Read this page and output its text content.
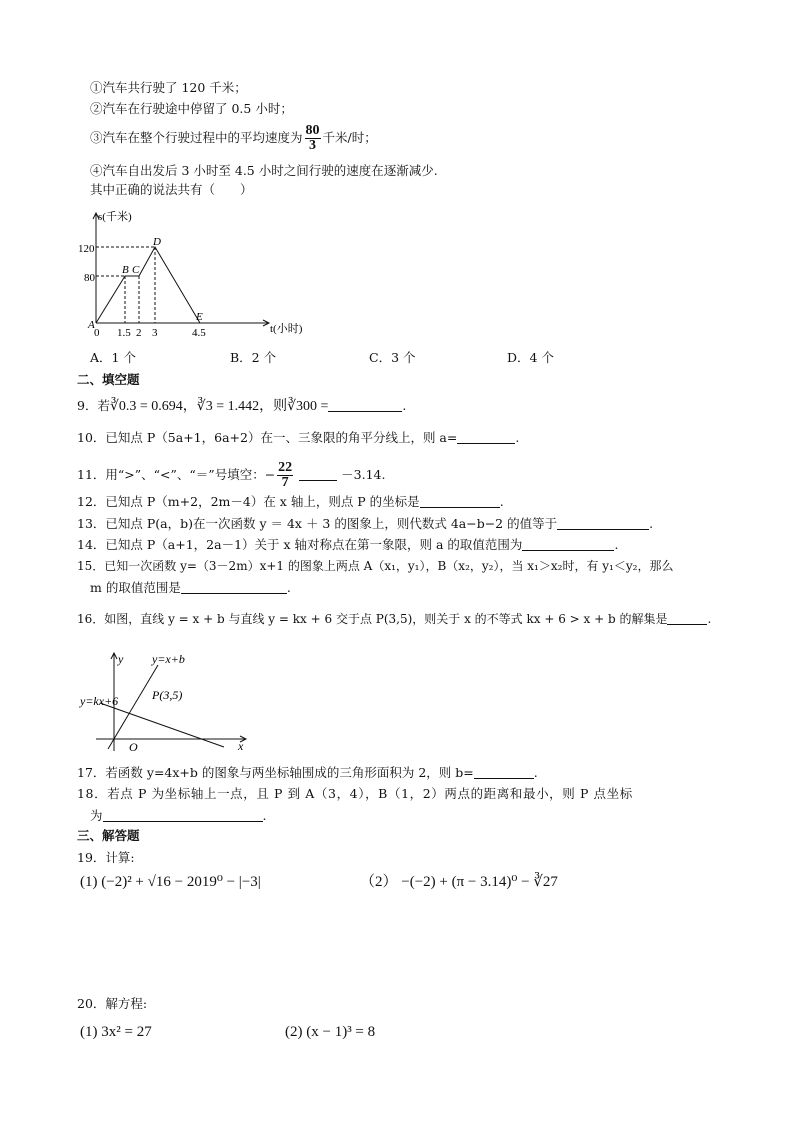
①汽车共行驶了 120 千米；
②汽车在行驶途中停留了 0.5 小时；
③汽车在整个行驶过程中的平均速度为 $\frac{80}{3}$ 千米/时；
④汽车自出发后 3 小时至 4.5 小时之间行驶的速度在逐渐减少.
其中正确的说法共有（　　）
s(千米)
t(小时)
120
80
A
B C
D
E
0 1.5 2 3	4.5
A．1 个	B．2 个	C．3 个	D．4 个
二、填空题
9．若∛0.3 = 0.694，∛3 = 1.442，则∛300 =	.
10．已知点 P（5a+1，6a+2）在一、三象限的角平分线上，则 a=	.
11．用“>”、“<”、“＝”号填空：− $\frac{22}{7}$	－3.14.
12．已知点 P（m+2，2m－4）在 x 轴上，则点 P 的坐标是	.
13．已知点 P(a，b)在一次函数 y ＝ 4x ＋ 3 的图象上，则代数式 4a−b−2 的值等于	.
14．已知点 P（a+1，2a－1）关于 x 轴对称点在第一象限，则 a 的取值范围为	.
15．已知一次函数 y=（3－2m）x+1 的图象上两点 A（x₁，y₁），B（x₂，y₂），当 x₁＞x₂时，有 y₁＜y₂，那么
m 的取值范围是	.
16．如图，直线 y = x + b 与直线 y = kx + 6 交于点 P(3,5)，则关于 x 的不等式 kx + 6 > x + b 的解集是	.
y
x
O
y=x+b
y=kx+6	P(3,5)
17．若函数 y=4x+b 的图象与两坐标轴围成的三角形面积为 2，则 b=	.
18．若点 P 为坐标轴上一点，且 P 到 A（3，4），B（1，2）两点的距离和最小，则 P 点坐标
为	.
三、解答题
19．计算:
(1) (−2)² + √16 − 2019⁰ − |−3|	（2） −(−2) + (π − 3.14)⁰ − ∛27
20．解方程:
(1) 3x² = 27	(2) (x − 1)³ = 8
